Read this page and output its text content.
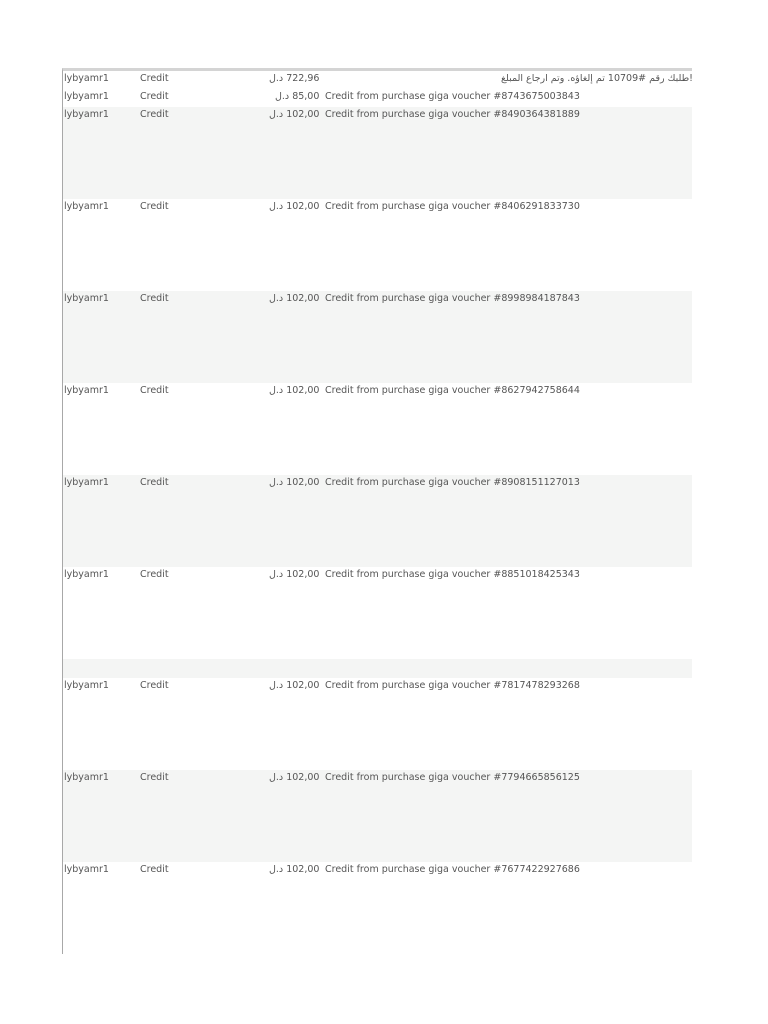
lybyamr1	Credit	722,96 د.ل	!طلبك رقم #10709 تم إلغاؤه. وتم ارجاع المبلغ
lybyamr1	Credit	85,00 د.ل Credit from purchase giga voucher #8743675003843
lybyamr1	Credit	102,00 د.ل Credit from purchase giga voucher #8490364381889
lybyamr1	Credit	102,00 د.ل Credit from purchase giga voucher #8406291833730
lybyamr1	Credit	102,00 د.ل Credit from purchase giga voucher #8998984187843
lybyamr1	Credit	102,00 د.ل Credit from purchase giga voucher #8627942758644
lybyamr1	Credit	102,00 د.ل Credit from purchase giga voucher #8908151127013
lybyamr1	Credit	102,00 د.ل Credit from purchase giga voucher #8851018425343
lybyamr1	Credit	102,00 د.ل Credit from purchase giga voucher #7817478293268
lybyamr1	Credit	102,00 د.ل Credit from purchase giga voucher #7794665856125
lybyamr1	Credit	102,00 د.ل Credit from purchase giga voucher #7677422927686
